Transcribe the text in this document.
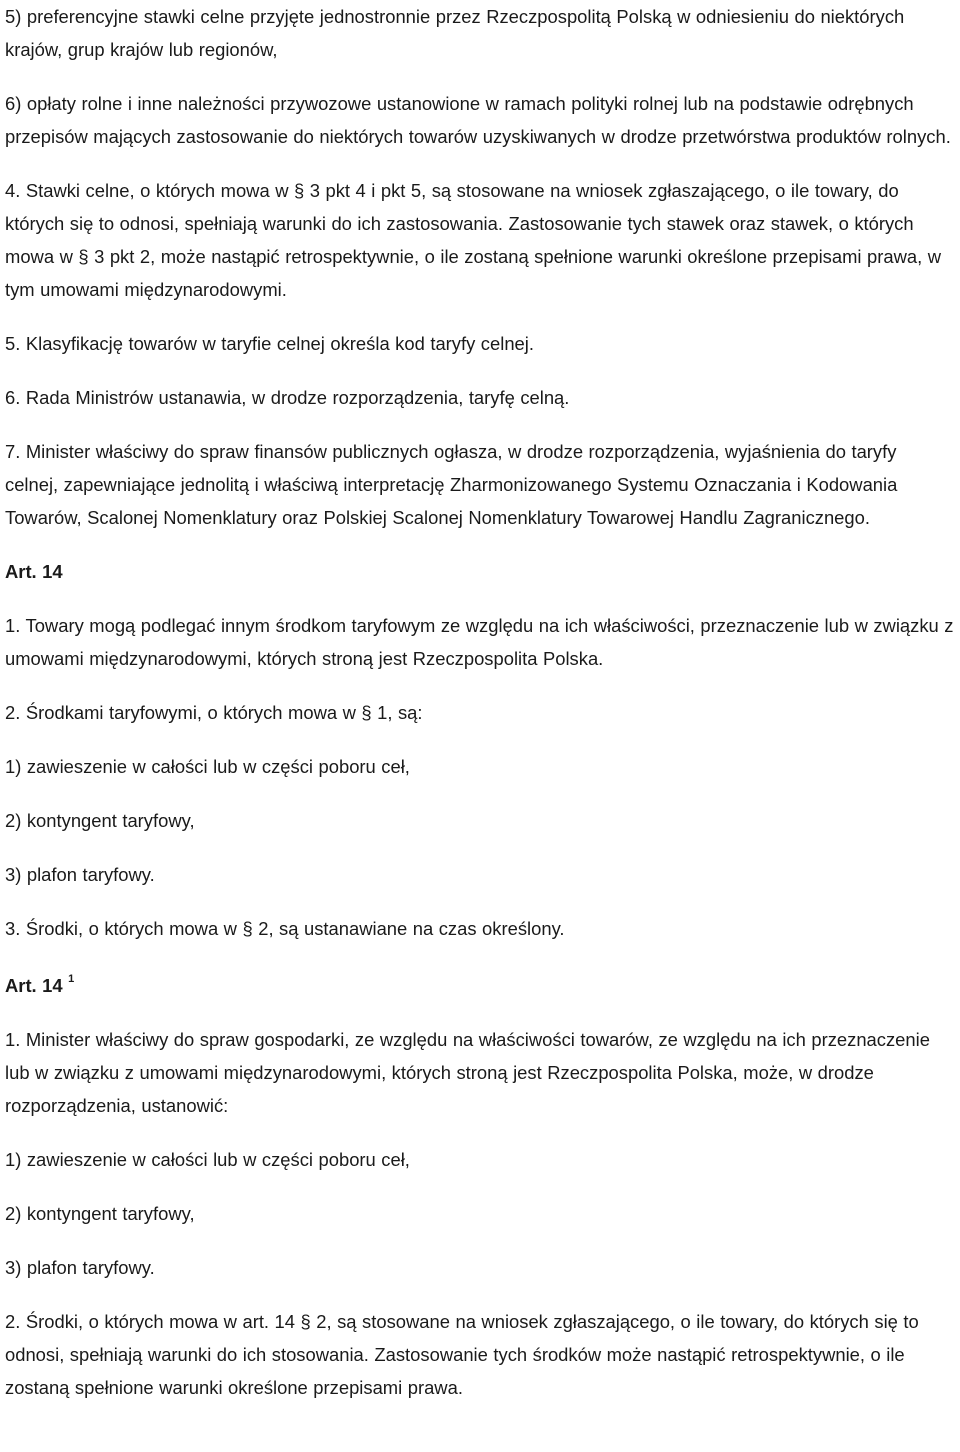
5) preferencyjne stawki celne przyjęte jednostronnie przez Rzeczpospolitą Polską w odniesieniu do niektórych krajów, grup krajów lub regionów,

6) opłaty rolne i inne należności przywozowe ustanowione w ramach polityki rolnej lub na podstawie odrębnych przepisów mających zastosowanie do niektórych towarów uzyskiwanych w drodze przetwórstwa produktów rolnych.

4. Stawki celne, o których mowa w § 3 pkt 4 i pkt 5, są stosowane na wniosek zgłaszającego, o ile towary, do których się to odnosi, spełniają warunki do ich zastosowania. Zastosowanie tych stawek oraz stawek, o których mowa w § 3 pkt 2, może nastąpić retrospektywnie, o ile zostaną spełnione warunki określone przepisami prawa, w tym umowami międzynarodowymi.

5. Klasyfikację towarów w taryfie celnej określa kod taryfy celnej.

6. Rada Ministrów ustanawia, w drodze rozporządzenia, taryfę celną.

7. Minister właściwy do spraw finansów publicznych ogłasza, w drodze rozporządzenia, wyjaśnienia do taryfy celnej, zapewniające jednolitą i właściwą interpretację Zharmonizowanego Systemu Oznaczania i Kodowania Towarów, Scalonej Nomenklatury oraz Polskiej Scalonej Nomenklatury Towarowej Handlu Zagranicznego.

Art. 14

1. Towary mogą podlegać innym środkom taryfowym ze względu na ich właściwości, przeznaczenie lub w związku z umowami międzynarodowymi, których stroną jest Rzeczpospolita Polska.

2. Środkami taryfowymi, o których mowa w § 1, są:

1) zawieszenie w całości lub w części poboru ceł,

2) kontyngent taryfowy,

3) plafon taryfowy.

3. Środki, o których mowa w § 2, są ustanawiane na czas określony.

Art. 14 $^1$

1. Minister właściwy do spraw gospodarki, ze względu na właściwości towarów, ze względu na ich przeznaczenie lub w związku z umowami międzynarodowymi, których stroną jest Rzeczpospolita Polska, może, w drodze rozporządzenia, ustanowić:

1) zawieszenie w całości lub w części poboru ceł,

2) kontyngent taryfowy,

3) plafon taryfowy.

2. Środki, o których mowa w art. 14 § 2, są stosowane na wniosek zgłaszającego, o ile towary, do których się to odnosi, spełniają warunki do ich stosowania. Zastosowanie tych środków może nastąpić retrospektywnie, o ile zostaną spełnione warunki określone przepisami prawa.
